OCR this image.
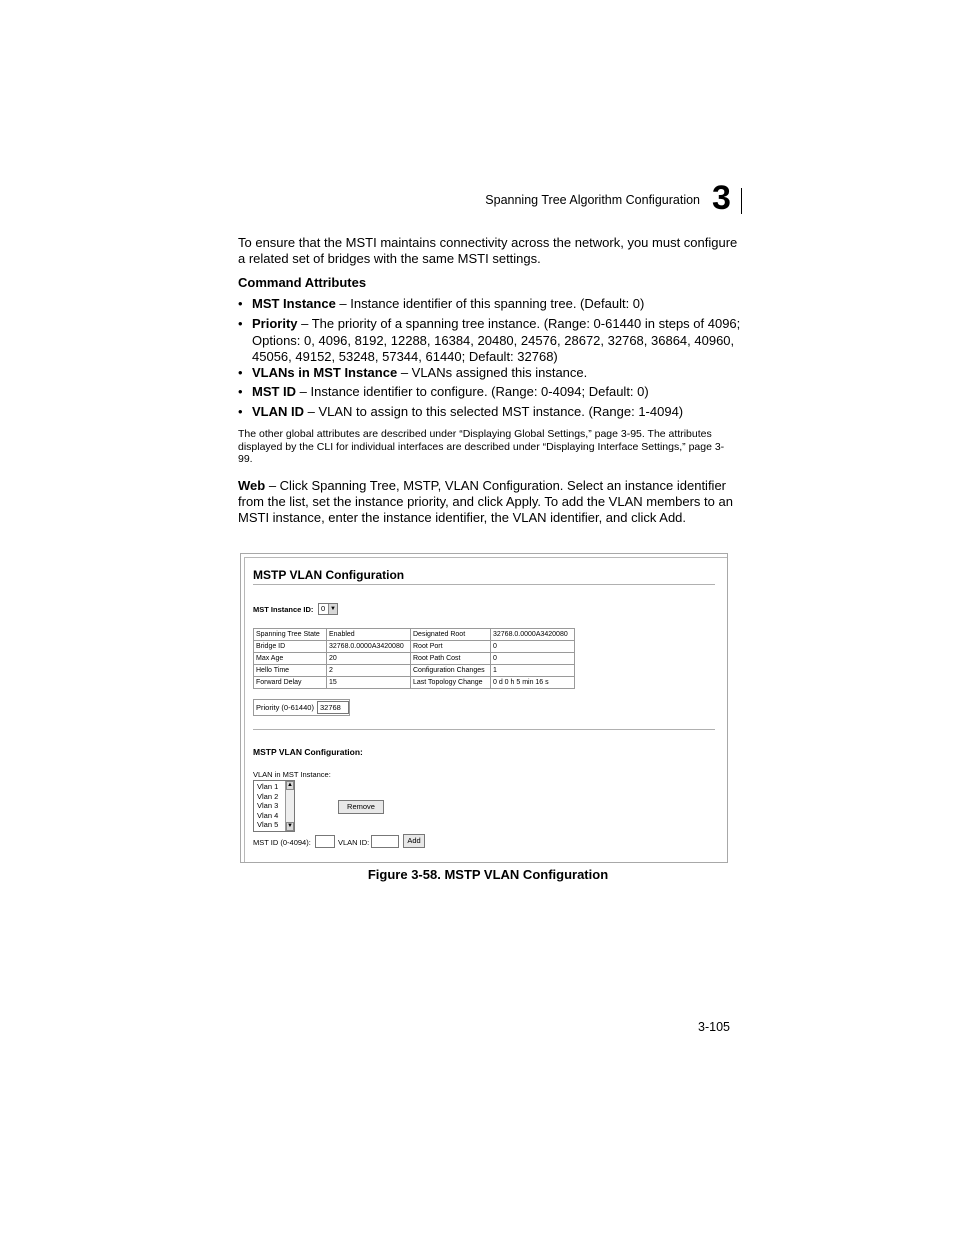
Spanning Tree Algorithm Configuration 3
To ensure that the MSTI maintains connectivity across the network, you must configure a related set of bridges with the same MSTI settings.
Command Attributes
• MST Instance – Instance identifier of this spanning tree. (Default: 0)
• Priority – The priority of a spanning tree instance. (Range: 0-61440 in steps of 4096; Options: 0, 4096, 8192, 12288, 16384, 20480, 24576, 28672, 32768, 36864, 40960, 45056, 49152, 53248, 57344, 61440; Default: 32768)
• VLANs in MST Instance – VLANs assigned this instance.
• MST ID – Instance identifier to configure. (Range: 0-4094; Default: 0)
• VLAN ID – VLAN to assign to this selected MST instance. (Range: 1-4094)
The other global attributes are described under “Displaying Global Settings,” page 3-95. The attributes displayed by the CLI for individual interfaces are described under “Displaying Interface Settings,” page 3-99.
Web – Click Spanning Tree, MSTP, VLAN Configuration. Select an instance identifier from the list, set the instance priority, and click Apply. To add the VLAN members to an MSTI instance, enter the instance identifier, the VLAN identifier, and click Add.
MSTP VLAN Configuration
MST Instance ID:	0 ▼
Spanning Tree State	Enabled	Designated Root	32768.0.0000A3420080
Bridge ID	32768.0.0000A3420080	Root Port	0
Max Age	20	Root Path Cost	0
Hello Time	2	Configuration Changes	1
Forward Delay	15	Last Topology Change	0 d 0 h 5 min 16 s
Priority (0-61440) 32768
MSTP VLAN Configuration:
VLAN in MST Instance:
Vlan 1
Vlan 2
Vlan 3
Vlan 4
Vlan 5
▲
▼
Remove
MST ID (0-4094):	VLAN ID:	Add
Figure 3-58. MSTP VLAN Configuration
3-105
